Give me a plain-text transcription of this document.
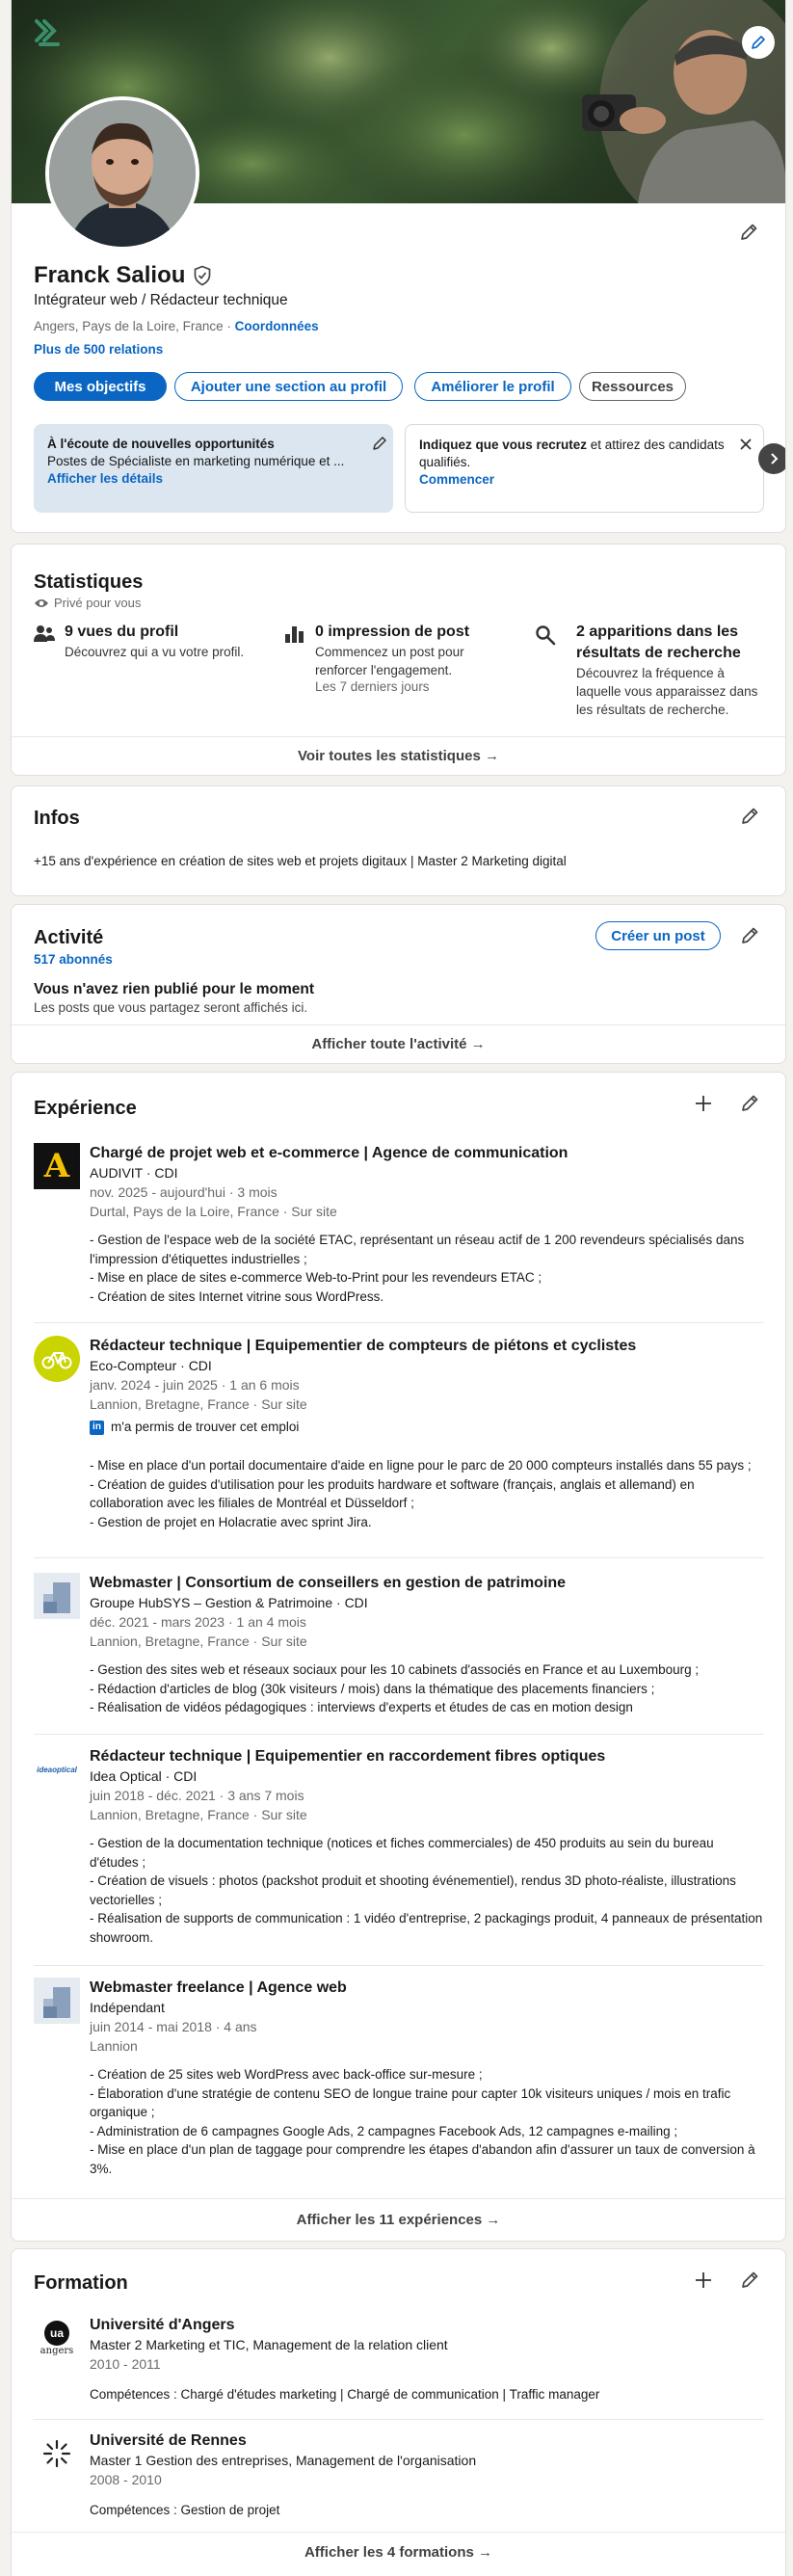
Franck Saliou
Intégrateur web / Rédacteur technique
Angers, Pays de la Loire, France · Coordonnées
Plus de 500 relations
Mes objectifs	Ajouter une section au profil	Améliorer le profil	Ressources
À l'écoute de nouvelles opportunités
Postes de Spécialiste en marketing numérique et ...
Afficher les détails
Indiquez que vous recrutez et attirez des candidats qualifiés.
Commencer
Statistiques
Privé pour vous
9 vues du profil
Découvrez qui a vu votre profil.
0 impression de post
Commencez un post pour renforcer l'engagement.
Les 7 derniers jours
2 apparitions dans les résultats de recherche
Découvrez la fréquence à laquelle vous apparaissez dans les résultats de recherche.
Voir toutes les statistiques →
Infos
+15 ans d'expérience en création de sites web et projets digitaux | Master 2 Marketing digital
Activité
517 abonnés
Créer un post
Vous n'avez rien publié pour le moment
Les posts que vous partagez seront affichés ici.
Afficher toute l'activité →
Expérience
A Chargé de projet web et e-commerce | Agence de communication
AUDIVIT · CDI
nov. 2025 - aujourd'hui · 3 mois
Durtal, Pays de la Loire, France · Sur site
- Gestion de l'espace web de la société ETAC, représentant un réseau actif de 1 200 revendeurs spécialisés dans l'impression d'étiquettes industrielles ;
- Mise en place de sites e-commerce Web-to-Print pour les revendeurs ETAC ;
- Création de sites Internet vitrine sous WordPress.
Rédacteur technique | Equipementier de compteurs de piétons et cyclistes
Eco-Compteur · CDI
janv. 2024 - juin 2025 · 1 an 6 mois
Lannion, Bretagne, France · Sur site
in m'a permis de trouver cet emploi
- Mise en place d'un portail documentaire d'aide en ligne pour le parc de 20 000 compteurs installés dans 55 pays ;
- Création de guides d'utilisation pour les produits hardware et software (français, anglais et allemand) en collaboration avec les filiales de Montréal et Düsseldorf ;
- Gestion de projet en Holacratie avec sprint Jira.
Webmaster | Consortium de conseillers en gestion de patrimoine
Groupe HubSYS – Gestion & Patrimoine · CDI
déc. 2021 - mars 2023 · 1 an 4 mois
Lannion, Bretagne, France · Sur site
- Gestion des sites web et réseaux sociaux pour les 10 cabinets d'associés en France et au Luxembourg ;
- Rédaction d'articles de blog (30k visiteurs / mois) dans la thématique des placements financiers ;
- Réalisation de vidéos pédagogiques : interviews d'experts et études de cas en motion design
ideaoptical
Rédacteur technique | Equipementier en raccordement fibres optiques
Idea Optical · CDI
juin 2018 - déc. 2021 · 3 ans 7 mois
Lannion, Bretagne, France · Sur site
- Gestion de la documentation technique (notices et fiches commerciales) de 450 produits au sein du bureau d'études ;
- Création de visuels : photos (packshot produit et shooting événementiel), rendus 3D photo-réaliste, illustrations vectorielles ;
- Réalisation de supports de communication : 1 vidéo d'entreprise, 2 packagings produit, 4 panneaux de présentation showroom.
Webmaster freelance | Agence web
Indépendant
juin 2014 - mai 2018 · 4 ans
Lannion
- Création de 25 sites web WordPress avec back-office sur-mesure ;
- Élaboration d'une stratégie de contenu SEO de longue traine pour capter 10k visiteurs uniques / mois en trafic organique ;
- Administration de 6 campagnes Google Ads, 2 campagnes Facebook Ads, 12 campagnes e-mailing ;
- Mise en place d'un plan de taggage pour comprendre les étapes d'abandon afin d'assurer un taux de conversion à 3%.
Afficher les 11 expériences →
Formation
ua
angers
Université d'Angers
Master 2 Marketing et TIC, Management de la relation client
2010 - 2011
Compétences : Chargé d'études marketing | Chargé de communication | Traffic manager
Université de Rennes
Master 1 Gestion des entreprises, Management de l'organisation
2008 - 2010
Compétences : Gestion de projet
Afficher les 4 formations →
